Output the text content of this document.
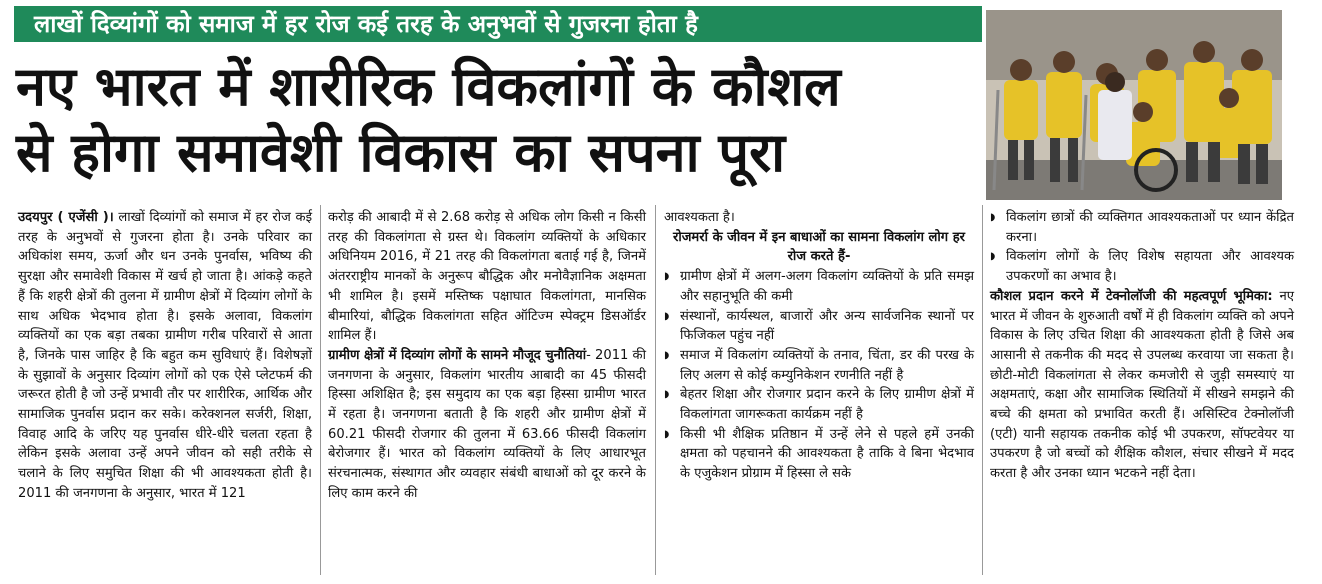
लाखों दिव्यांगों को समाज में हर रोज कई तरह के अनुभवों से गुजरना होता है
नए भारत में शारीरिक विकलांगों के कौशल
से होगा समावेशी विकास का सपना पूरा

उदयपुर ( एजेंसी )। लाखों दिव्यांगों को समाज में हर रोज कई तरह के अनुभवों से गुजरना होता है। उनके परिवार का अधिकांश समय, ऊर्जा और धन उनके पुनर्वास, भविष्य की सुरक्षा और समावेशी विकास में खर्च हो जाता है। आंकड़े कहते हैं कि शहरी क्षेत्रों की तुलना में ग्रामीण क्षेत्रों में दिव्यांग लोगों के साथ अधिक भेदभाव होता है। इसके अलावा, विकलांग व्यक्तियों का एक बड़ा तबका ग्रामीण गरीब परिवारों से आता है, जिनके पास जाहिर है कि बहुत कम सुविधाएं हैं। विशेषज्ञों के सुझावों के अनुसार दिव्यांग लोगों को एक ऐसे प्लेटफर्म की जरूरत होती है जो उन्हें प्रभावी तौर पर शारीरिक, आर्थिक और सामाजिक पुनर्वास प्रदान कर सके। करेक्शनल सर्जरी, शिक्षा, विवाह आदि के जरिए यह पुनर्वास धीरे-धीरे चलता रहता है लेकिन इसके अलावा उन्हें अपने जीवन को सही तरीके से चलाने के लिए समुचित शिक्षा की भी आवश्यकता होती है। 2011 की जनगणना के अनुसार, भारत में 121

करोड़ की आबादी में से 2.68 करोड़ से अधिक लोग किसी न किसी तरह की विकलांगता से ग्रस्त थे। विकलांग व्यक्तियों के अधिकार अधिनियम 2016, में 21 तरह की विकलांगता बताई गई है, जिनमें अंतरराष्ट्रीय मानकों के अनुरूप बौद्धिक और मनोवैज्ञानिक अक्षमता भी शामिल है। इसमें मस्तिष्क पक्षाघात विकलांगता, मानसिक बीमारियां, बौद्धिक विकलांगता सहित ऑटिज्म स्पेक्ट्रम डिसऑर्डर शामिल हैं।

ग्रामीण क्षेत्रों में दिव्यांग लोगों के सामने मौजूद चुनौतियां- 2011 की जनगणना के अनुसार, विकलांग भारतीय आबादी का 45 फीसदी हिस्सा अशिक्षित है; इस समुदाय का एक बड़ा हिस्सा ग्रामीण भारत में रहता है। जनगणना बताती है कि शहरी और ग्रामीण क्षेत्रों में 60.21 फीसदी रोजगार की तुलना में 63.66 फीसदी विकलांग बेरोजगार हैं। भारत को विकलांग व्यक्तियों के लिए आधारभूत संरचनात्मक, संस्थागत और व्यवहार संबंधी बाधाओं को दूर करने के लिए काम करने की

आवश्यकता है।

रोजमर्रा के जीवन में इन बाधाओं का सामना विकलांग लोग हर रोज करते हैं-
◗ ग्रामीण क्षेत्रों में अलग-अलग विकलांग व्यक्तियों के प्रति समझ और सहानुभूति की कमी
◗ संस्थानों, कार्यस्थल, बाजारों और अन्य सार्वजनिक स्थानों पर फिजिकल पहुंच नहीं
◗ समाज में विकलांग व्यक्तियों के तनाव, चिंता, डर की परख के लिए अलग से कोई कम्युनिकेशन रणनीति नहीं है
◗ बेहतर शिक्षा और रोजगार प्रदान करने के लिए ग्रामीण क्षेत्रों में विकलांगता जागरूकता कार्यक्रम नहीं है
◗ किसी भी शैक्षिक प्रतिष्ठान में उन्हें लेने से पहले हमें उनकी क्षमता को पहचानने की आवश्यकता है ताकि वे बिना भेदभाव के एजुकेशन प्रोग्राम में हिस्सा ले सके
◗ विकलांग छात्रों की व्यक्तिगत आवश्यकताओं पर ध्यान केंद्रित करना।
◗ विकलांग लोगों के लिए विशेष सहायता और आवश्यक उपकरणों का अभाव है।

कौशल प्रदान करने में टेक्नोलॉजी की महत्वपूर्ण भूमिका: नए भारत में जीवन के शुरुआती वर्षों में ही विकलांग व्यक्ति को अपने विकास के लिए उचित शिक्षा की आवश्यकता होती है जिसे अब आसानी से तकनीक की मदद से उपलब्ध करवाया जा सकता है। छोटी-मोटी विकलांगता से लेकर कमजोरी से जुड़ी समस्याएं या अक्षमताएं, कक्षा और सामाजिक स्थितियों में सीखने समझने की बच्चे की क्षमता को प्रभावित करती हैं। असिस्टिव टेक्नोलॉजी (एटी) यानी सहायक तकनीक कोई भी उपकरण, सॉफ्टवेयर या उपकरण है जो बच्चों को शैक्षिक कौशल, संचार सीखने में मदद करता है और उनका ध्यान भटकने नहीं देता।
